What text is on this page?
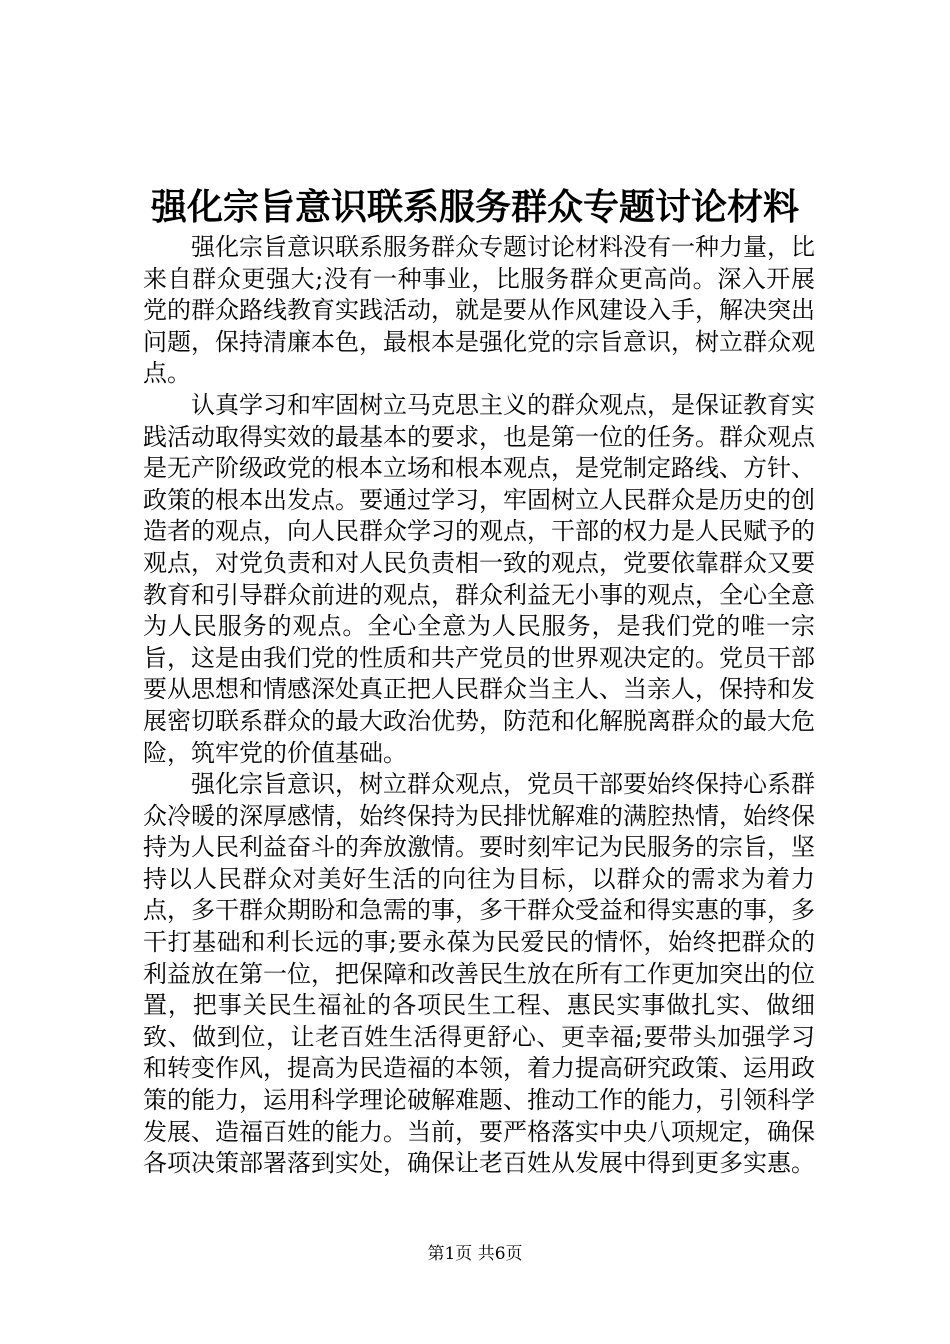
强化宗旨意识联系服务群众专题讨论材料

强化宗旨意识联系服务群众专题讨论材料没有一种力量，比来自群众更强大;没有一种事业，比服务群众更高尚。深入开展党的群众路线教育实践活动，就是要从作风建设入手，解决突出问题，保持清廉本色，最根本是强化党的宗旨意识，树立群众观点。

认真学习和牢固树立马克思主义的群众观点，是保证教育实践活动取得实效的最基本的要求，也是第一位的任务。群众观点是无产阶级政党的根本立场和根本观点，是党制定路线、方针、政策的根本出发点。要通过学习，牢固树立人民群众是历史的创造者的观点，向人民群众学习的观点，干部的权力是人民赋予的观点，对党负责和对人民负责相一致的观点，党要依靠群众又要教育和引导群众前进的观点，群众利益无小事的观点，全心全意为人民服务的观点。全心全意为人民服务，是我们党的唯一宗旨，这是由我们党的性质和共产党员的世界观决定的。党员干部要从思想和情感深处真正把人民群众当主人、当亲人，保持和发展密切联系群众的最大政治优势，防范和化解脱离群众的最大危险，筑牢党的价值基础。

强化宗旨意识，树立群众观点，党员干部要始终保持心系群众冷暖的深厚感情，始终保持为民排忧解难的满腔热情，始终保持为人民利益奋斗的奔放激情。要时刻牢记为民服务的宗旨，坚持以人民群众对美好生活的向往为目标，以群众的需求为着力点，多干群众期盼和急需的事，多干群众受益和得实惠的事，多干打基础和利长远的事;要永葆为民爱民的情怀，始终把群众的利益放在第一位，把保障和改善民生放在所有工作更加突出的位置，把事关民生福祉的各项民生工程、惠民实事做扎实、做细致、做到位，让老百姓生活得更舒心、更幸福;要带头加强学习和转变作风，提高为民造福的本领，着力提高研究政策、运用政策的能力，运用科学理论破解难题、推动工作的能力，引领科学发展、造福百姓的能力。当前，要严格落实中央八项规定，确保各项决策部署落到实处，确保让老百姓从发展中得到更多实惠。

第1页 共6页
